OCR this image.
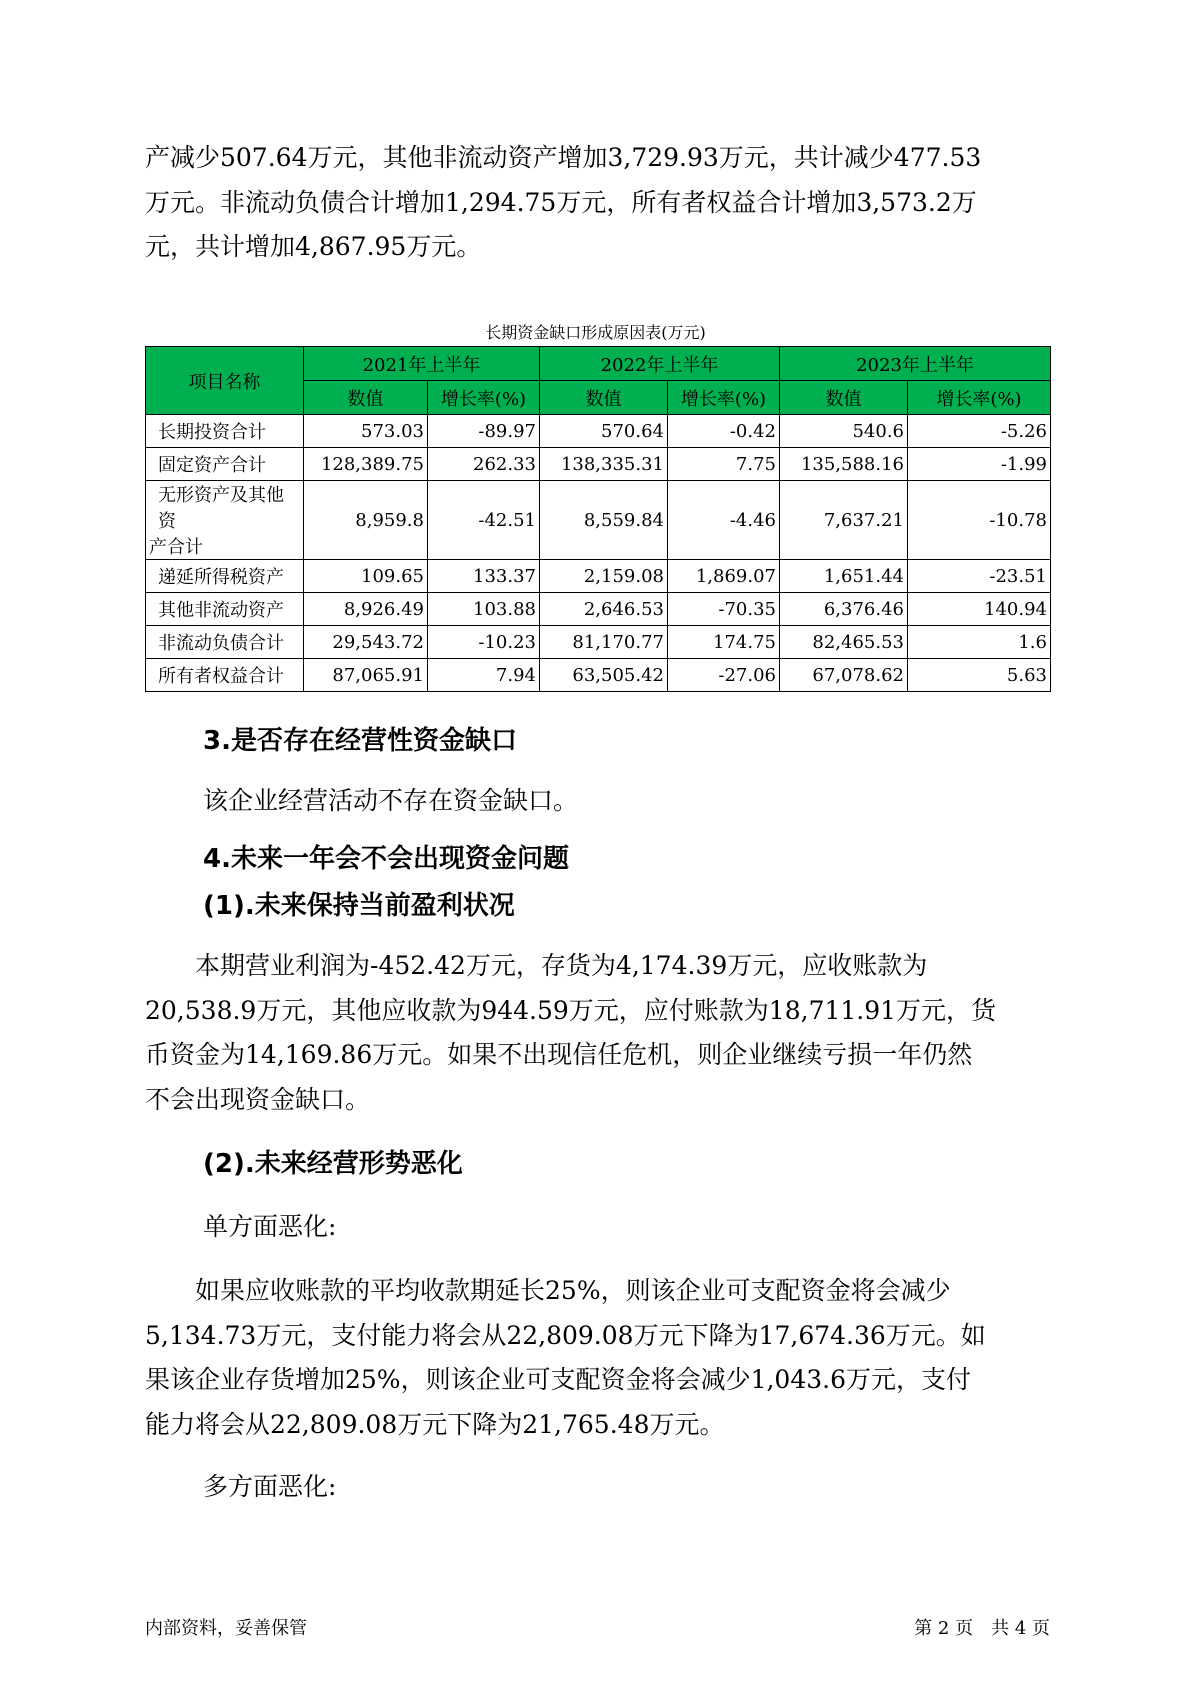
产减少507.64万元，其他非流动资产增加3,729.93万元，共计减少477.53
万元。非流动负债合计增加1,294.75万元，所有者权益合计增加3,573.2万
元，共计增加4,867.95万元。

长期资金缺口形成原因表(万元)

项目名称	2021年上半年		2022年上半年		2023年上半年	
	数值	增长率(%)	数值	增长率(%)	数值	增长率(%)
长期投资合计	573.03	-89.97	570.64	-0.42	540.6	-5.26
固定资产合计	128,389.75	262.33	138,335.31	7.75	135,588.16	-1.99

无形资产及其他资
产合计	8,959.8	-42.51	8,559.84	-4.46	7,637.21	-10.78
递延所得税资产	109.65	133.37	2,159.08	1,869.07	1,651.44	-23.51
其他非流动资产	8,926.49	103.88	2,646.53	-70.35	6,376.46	140.94
非流动负债合计	29,543.72	-10.23	81,170.77	174.75	82,465.53	1.6
所有者权益合计	87,065.91	7.94	63,505.42	-27.06	67,078.62	5.63

3.是否存在经营性资金缺口

该企业经营活动不存在资金缺口。

4.未来一年会不会出现资金问题

(1).未来保持当前盈利状况

　　本期营业利润为-452.42万元，存货为4,174.39万元，应收账款为
20,538.9万元，其他应收款为944.59万元，应付账款为18,711.91万元，货
币资金为14,169.86万元。如果不出现信任危机，则企业继续亏损一年仍然
不会出现资金缺口。

(2).未来经营形势恶化

单方面恶化:

　　如果应收账款的平均收款期延长25%，则该企业可支配资金将会减少
5,134.73万元，支付能力将会从22,809.08万元下降为17,674.36万元。如
果该企业存货增加25%，则该企业可支配资金将会减少1,043.6万元，支付
能力将会从22,809.08万元下降为21,765.48万元。

多方面恶化:

内部资料，妥善保管	第 2 页　共 4 页
